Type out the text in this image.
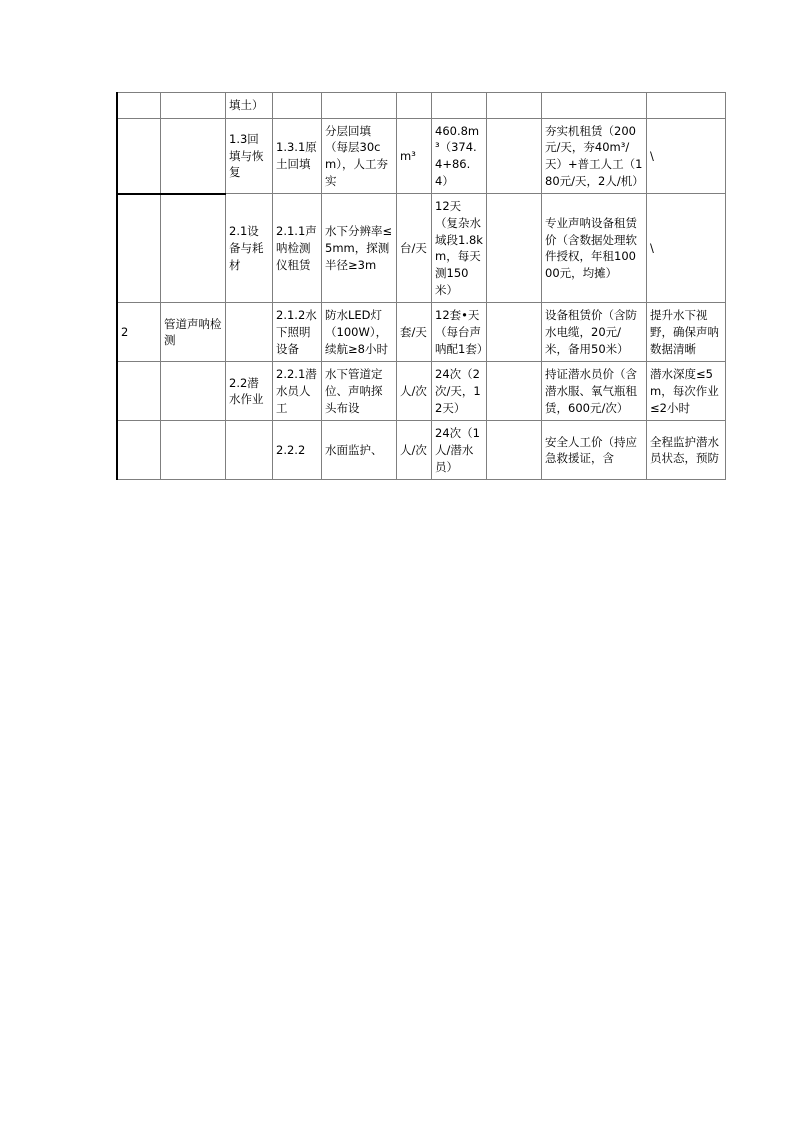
		填土）							
		1.3回填与恢复	1.3.1原土回填	分层回填（每层30cm），人工夯实	m³	460.8m³（374.4+86.4）		夯实机租赁（200元/天，夯40m³/天）+普工人工（180元/天，2人/机）	\
		2.1设备与耗材	2.1.1声呐检测仪租赁	水下分辨率≤5mm，探测半径≥3m	台/天	12天（复杂水域段1.8km，每天测150米）		专业声呐设备租赁价（含数据处理软件授权，年租10000元，均摊）	\
2	管道声呐检测		2.1.2水下照明设备	防水LED灯（100W），续航≥8小时	套/天	12套•天（每台声呐配1套）		设备租赁价（含防水电缆，20元/米，备用50米）	提升水下视野，确保声呐数据清晰
		2.2潜水作业	2.2.1潜水员人工	水下管道定位、声呐探头布设	人/次	24次（2次/天，12天）		持证潜水员价（含潜水服、氧气瓶租赁，600元/次）	潜水深度≤5m，每次作业≤2小时
			2.2.2	水面监护、	人/次	24次（1人/潜水员）		安全人工价（持应急救援证，含	全程监护潜水员状态，预防
